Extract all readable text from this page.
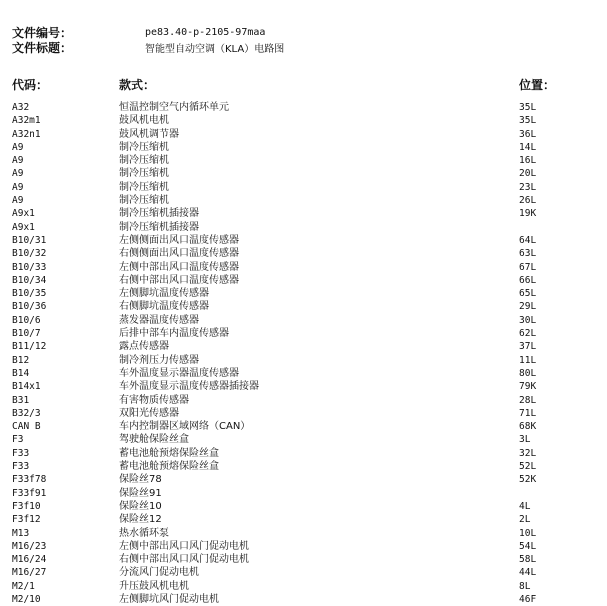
文件编号：	pe83.40-p-2105-97maa
文件标题：	智能型自动空调（KLA）电路图
代码：	款式：	位置：
A32	恒温控制空气内循环单元	35L
A32m1	鼓风机电机	35L
A32n1	鼓风机调节器	36L
A9	制冷压缩机	14L
A9	制冷压缩机	16L
A9	制冷压缩机	20L
A9	制冷压缩机	23L
A9	制冷压缩机	26L
A9x1	制冷压缩机插接器	19K
A9x1	制冷压缩机插接器
B10/31	左侧侧面出风口温度传感器	64L
B10/32	右侧侧面出风口温度传感器	63L
B10/33	左侧中部出风口温度传感器	67L
B10/34	右侧中部出风口温度传感器	66L
B10/35	左侧脚坑温度传感器	65L
B10/36	右侧脚坑温度传感器	29L
B10/6	蒸发器温度传感器	30L
B10/7	后排中部车内温度传感器	62L
B11/12	露点传感器	37L
B12	制冷剂压力传感器	11L
B14	车外温度显示器温度传感器	80L
B14x1	车外温度显示温度传感器插接器	79K
B31	有害物质传感器	28L
B32/3	双阳光传感器	71L
CAN B	车内控制器区域网络（CAN）	68K
F3	驾驶舱保险丝盒	3L
F33	蓄电池舱预熔保险丝盒	32L
F33	蓄电池舱预熔保险丝盒	52L
F33f78	保险丝78	52K
F33f91	保险丝91
F3f10	保险丝10	4L
F3f12	保险丝12	2L
M13	热水循环泵	10L
M16/23	左侧中部出风口风门促动电机	54L
M16/24	右侧中部出风口风门促动电机	58L
M16/27	分流风门促动电机	44L
M2/1	升压鼓风机电机	8L
M2/10	左侧脚坑风门促动电机	46F
